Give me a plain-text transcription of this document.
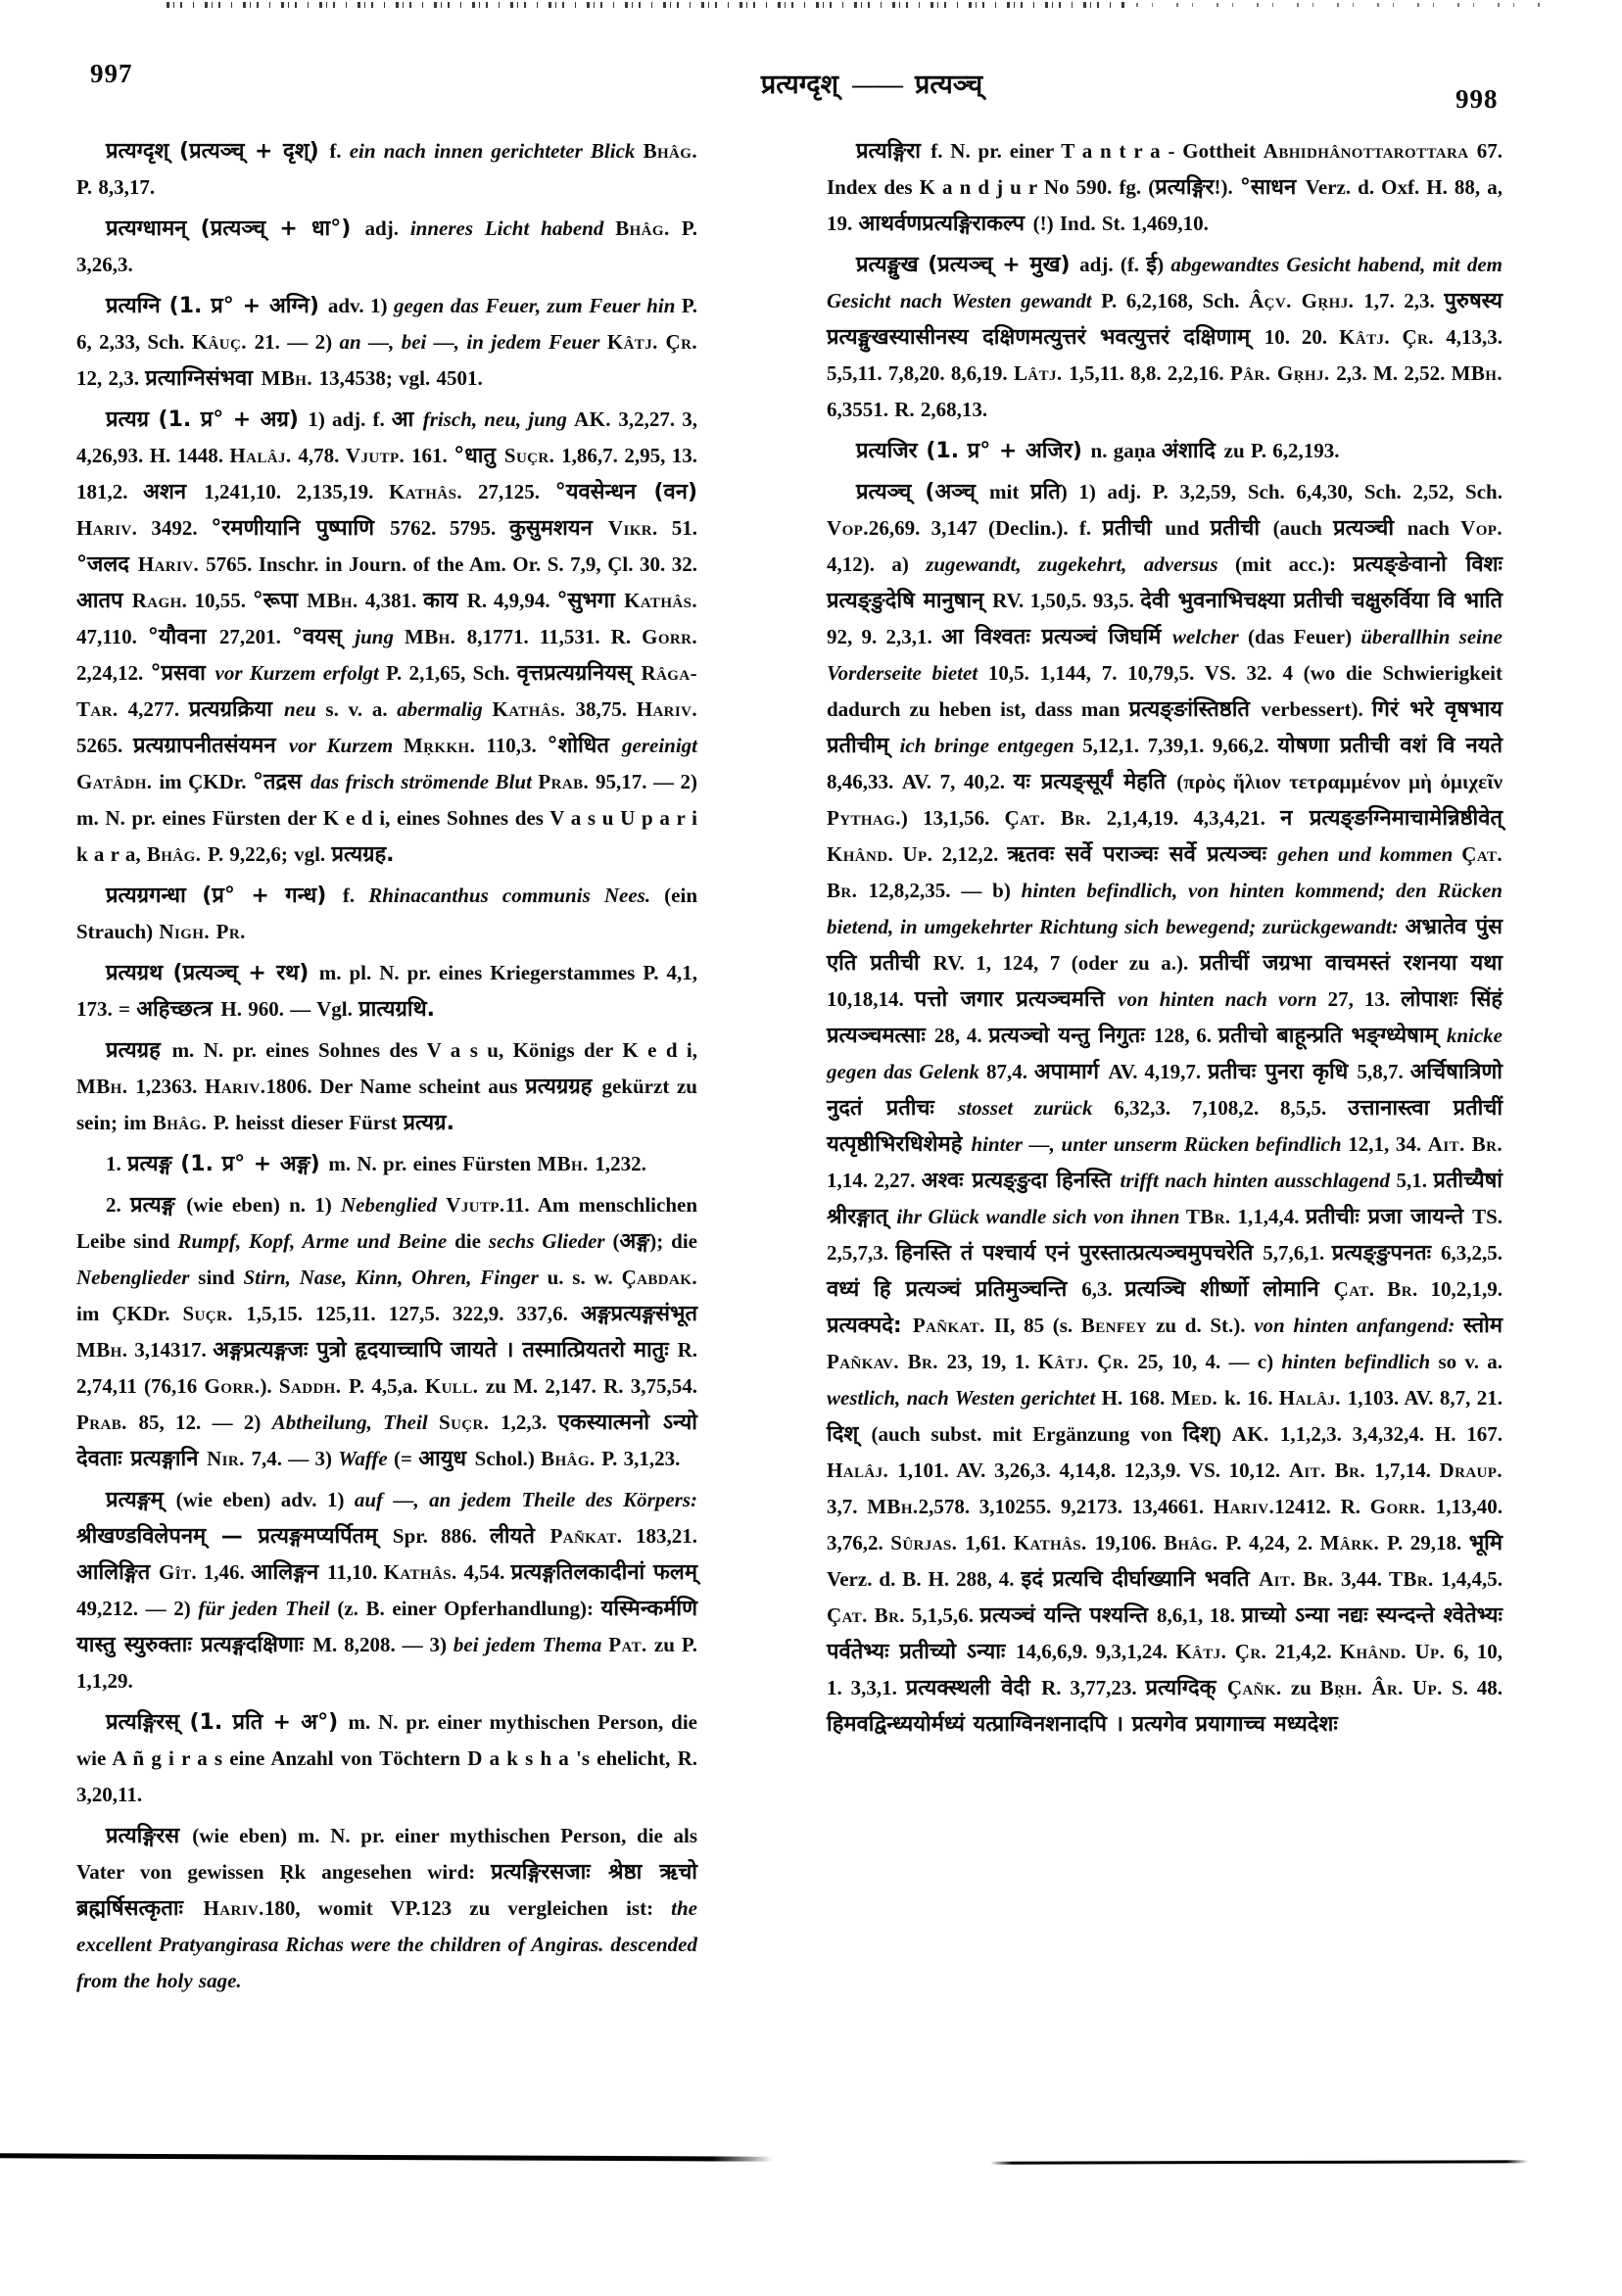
997	प्रत्यग्दृश् —— प्रत्यञ्च्	998

प्रत्यग्दृश् (प्रत्यञ्च् + दृश्) f. ein nach innen gerichteter Blick Bhâg. P. 8,3,17.

प्रत्यग्धामन् (प्रत्यञ्च् + धा°) adj. inneres Licht habend Bhâg. P. 3,26,3.

प्रत्यग्नि (1. प्र° + अग्नि) adv. 1) gegen das Feuer, zum Feuer hin P. 6, 2,33, Sch. Kâuç. 21. — 2) an —, bei —, in jedem Feuer Kâtj. Çr. 12, 2,3. प्रत्याग्निसंभवा MBh. 13,4538; vgl. 4501.

प्रत्यग्र (1. प्र° + अग्र) 1) adj. f. आ frisch, neu, jung AK. 3,2,27. 3, 4,26,93. H. 1448. Halâj. 4,78. Vjutp. 161. °धातु Suçr. 1,86,7. 2,95, 13. 181,2. अशन 1,241,10. 2,135,19. Kathâs. 27,125. °यवसेन्धन (वन) Hariv. 3492. °रमणीयानि पुष्पाणि 5762. 5795. कुसुमशयन Vikr. 51. °जलद Hariv. 5765. Inschr. in Journ. of the Am. Or. S. 7,9, Çl. 30. 32. आतप Ragh. 10,55. °रूपा MBh. 4,381. काय R. 4,9,94. °सुभगा Kathâs. 47,110. °यौवना 27,201. °वयस् jung MBh. 8,1771. 11,531. R. Gorr. 2,24,12. °प्रसवा vor Kurzem erfolgt P. 2,1,65, Sch. वृत्तप्रत्यग्रनियस् Râga-Tar. 4,277. प्रत्यग्रक्रिया neu s. v. a. abermalig Kathâs. 38,75. Hariv. 5265. प्रत्यग्रापनीतसंयमन vor Kurzem Mṛkkh. 110,3. °शोधित gereinigt Gatâdh. im ÇKDr. °तद्रस das frisch strömende Blut Prab. 95,17. — 2) m. N. pr. eines Fürsten der K e d i, eines Sohnes des V a s u U p a r i k a r a, Bhâg. P. 9,22,6; vgl. प्रत्यग्रह.

प्रत्यग्रगन्धा (प्र° + गन्ध) f. Rhinacanthus communis Nees. (ein Strauch) Nigh. Pr.

प्रत्यग्रथ (प्रत्यञ्च् + रथ) m. pl. N. pr. eines Kriegerstammes P. 4,1, 173. = अहिच्छत्त्र H. 960. — Vgl. प्रात्यग्रथि.

प्रत्यग्रह m. N. pr. eines Sohnes des V a s u, Königs der K e d i, MBh. 1,2363. Hariv.1806. Der Name scheint aus प्रत्यग्रग्रह gekürzt zu sein; im Bhâg. P. heisst dieser Fürst प्रत्यग्र.

1. प्रत्यङ्ग (1. प्र° + अङ्ग) m. N. pr. eines Fürsten MBh. 1,232.

2. प्रत्यङ्ग (wie eben) n. 1) Nebenglied Vjutp.11. Am menschlichen Leibe sind Rumpf, Kopf, Arme und Beine die sechs Glieder (अङ्ग); die Nebenglieder sind Stirn, Nase, Kinn, Ohren, Finger u. s. w. Çabdak. im ÇKDr. Suçr. 1,5,15. 125,11. 127,5. 322,9. 337,6. अङ्गप्रत्यङ्गसंभूत MBh. 3,14317. अङ्गप्रत्यङ्गजः पुत्रो हृदयाच्चापि जायते । तस्मात्प्रियतरो मातुः R. 2,74,11 (76,16 Gorr.). Saddh. P. 4,5,a. Kull. zu M. 2,147. R. 3,75,54. Prab. 85, 12. — 2) Abtheilung, Theil Suçr. 1,2,3. एकस्यात्मनो ऽन्यो देवताः प्रत्यङ्गानि Nir. 7,4. — 3) Waffe (= आयुध Schol.) Bhâg. P. 3,1,23.

प्रत्यङ्गम् (wie eben) adv. 1) auf —, an jedem Theile des Körpers: श्रीखण्डविलेपनम् — प्रत्यङ्गमप्यर्पितम् Spr. 886. लीयते Pañkat. 183,21. आलिङ्गित Gît. 1,46. आलिङ्गन 11,10. Kathâs. 4,54. प्रत्यङ्गतिलकादीनां फलम् 49,212. — 2) für jeden Theil (z. B. einer Opferhandlung): यस्मिन्कर्मणि यास्तु स्युरुक्ताः प्रत्यङ्गदक्षिणाः M. 8,208. — 3) bei jedem Thema Pat. zu P. 1,1,29.

प्रत्यङ्गिरस् (1. प्रति + अ°) m. N. pr. einer mythischen Person, die wie A ñ g i r a s eine Anzahl von Töchtern D a k s h a 's ehelicht, R. 3,20,11.

प्रत्यङ्गिरस (wie eben) m. N. pr. einer mythischen Person, die als Vater von gewissen Ṛk angesehen wird: प्रत्यङ्गिरसजाः श्रेष्ठा ऋचो ब्रह्मर्षिसत्कृताः Hariv.180, womit VP.123 zu vergleichen ist: the excellent Pratyangirasa Richas were the children of Angiras. descended from the holy sage.

प्रत्यङ्गिरा f. N. pr. einer T a n t r a - Gottheit Abhidhânottarottara 67. Index des K a n d j u r No 590. fg. (प्रत्यङ्गिर!). °साधन Verz. d. Oxf. H. 88, a, 19. आथर्वणप्रत्यङ्गिराकल्प (!) Ind. St. 1,469,10.

प्रत्यङ्मुख (प्रत्यञ्च् + मुख) adj. (f. ई) abgewandtes Gesicht habend, mit dem Gesicht nach Westen gewandt P. 6,2,168, Sch. Âçv. Gṛhj. 1,7. 2,3. पुरुषस्य प्रत्यङ्मुखस्यासीनस्य दक्षिणमत्युत्तरं भवत्युत्तरं दक्षिणाम् 10. 20. Kâtj. Çr. 4,13,3. 5,5,11. 7,8,20. 8,6,19. Lâtj. 1,5,11. 8,8. 2,2,16. Pâr. Gṛhj. 2,3. M. 2,52. MBh. 6,3551. R. 2,68,13.

प्रत्यजिर (1. प्र° + अजिर) n. gaṇa अंशादि zu P. 6,2,193.

प्रत्यञ्च् (अञ्च् mit प्रति) 1) adj. P. 3,2,59, Sch. 6,4,30, Sch. 2,52, Sch. Vop.26,69. 3,147 (Declin.). f. प्रतीची und प्रतीची (auch प्रत्यञ्ची nach Vop. 4,12). a) zugewandt, zugekehrt, adversus (mit acc.): प्रत्यङ्ङेवानो विशः प्रत्यङ्ङुदेषि मानुषान् RV. 1,50,5. 93,5. देवी भुवनाभिचक्ष्या प्रतीची चक्षुरुर्विया वि भाति 92, 9. 2,3,1. आ विश्वतः प्रत्यञ्चं जिघर्मि welcher (das Feuer) überallhin seine Vorderseite bietet 10,5. 1,144, 7. 10,79,5. VS. 32. 4 (wo die Schwierigkeit dadurch zu heben ist, dass man प्रत्यङ्ङांस्तिष्ठति verbessert). गिरं भरे वृषभाय प्रतीचीम् ich bringe entgegen 5,12,1. 7,39,1. 9,66,2. योषणा प्रतीची वशं वि नयते 8,46,33. AV. 7, 40,2. यः प्रत्यङ्सूर्यं मेहति (πρὸς ἥλιον τετραμμένον μὴ ὀμιχεῖν Pythag.) 13,1,56. Çat. Br. 2,1,4,19. 4,3,4,21. न प्रत्यङ्ङग्निमाचामेन्निष्ठीवेत् Khând. Up. 2,12,2. ऋतवः सर्वे पराञ्चः सर्वे प्रत्यञ्चः gehen und kommen Çat. Br. 12,8,2,35. — b) hinten befindlich, von hinten kommend; den Rücken bietend, in umgekehrter Richtung sich bewegend; zurückgewandt: अभ्रातेव पुंस एति प्रतीची RV. 1, 124, 7 (oder zu a.). प्रतीचीं जग्रभा वाचमस्तं रशनया यथा 10,18,14. पत्तो जगार प्रत्यञ्चमत्ति von hinten nach vorn 27, 13. लोपाशः सिंहं प्रत्यञ्चमत्साः 28, 4. प्रत्यञ्चो यन्तु निगुतः 128, 6. प्रतीचो बाहून्प्रति भङ्ग्ध्येषाम् knicke gegen das Gelenk 87,4. अपामार्ग AV. 4,19,7. प्रतीचः पुनरा कृधि 5,8,7. अर्चिषात्रिणो नुदतं प्रतीचः stosset zurück 6,32,3. 7,108,2. 8,5,5. उत्तानास्त्वा प्रतीचीं यत्पृष्ठीभिरधिशेमहे hinter —, unter unserm Rücken befindlich 12,1, 34. Ait. Br. 1,14. 2,27. अश्वः प्रत्यङ्ङुदा हिनस्ति trifft nach hinten ausschlagend 5,1. प्रतीच्यैषां श्रीरङ्गात् ihr Glück wandle sich von ihnen TBr. 1,1,4,4. प्रतीचीः प्रजा जायन्ते TS. 2,5,7,3. हिनस्ति तं पश्चार्य एनं पुरस्तात्प्रत्यञ्चमुपचरेति 5,7,6,1. प्रत्यङ्ङुपनतः 6,3,2,5. वध्यं हि प्रत्यञ्चं प्रतिमुञ्चन्ति 6,3. प्रत्यञ्चि शीर्ष्णो लोमानि Çat. Br. 10,2,1,9. प्रत्यक्पदे: Pañkat. II, 85 (s. Benfey zu d. St.). von hinten anfangend: स्तोम Pañkav. Br. 23, 19, 1. Kâtj. Çr. 25, 10, 4. — c) hinten befindlich so v. a. westlich, nach Westen gerichtet H. 168. Med. k. 16. Halâj. 1,103. AV. 8,7, 21. दिश् (auch subst. mit Ergänzung von दिश्) AK. 1,1,2,3. 3,4,32,4. H. 167. Halâj. 1,101. AV. 3,26,3. 4,14,8. 12,3,9. VS. 10,12. Ait. Br. 1,7,14. Draup. 3,7. MBh.2,578. 3,10255. 9,2173. 13,4661. Hariv.12412. R. Gorr. 1,13,40. 3,76,2. Sûrjas. 1,61. Kathâs. 19,106. Bhâg. P. 4,24, 2. Mârk. P. 29,18. भूमि Verz. d. B. H. 288, 4. इदं प्रत्यचि दीर्घाख्यानि भवति Ait. Br. 3,44. TBr. 1,4,4,5. Çat. Br. 5,1,5,6. प्रत्यञ्चं यन्ति पश्यन्ति 8,6,1, 18. प्राच्यो ऽन्या नद्यः स्यन्दन्ते श्वेतेभ्यः पर्वतेभ्यः प्रतीच्यो ऽन्याः 14,6,6,9. 9,3,1,24. Kâtj. Çr. 21,4,2. Khând. Up. 6, 10, 1. 3,3,1. प्रत्यक्स्थली वेदी R. 3,77,23. प्रत्यग्दिक् Çañk. zu Bṛh. Âr. Up. S. 48. हिमवद्विन्ध्ययोर्मध्यं यत्प्राग्विनशनादपि । प्रत्यगेव प्रयागाच्च मध्यदेशः
